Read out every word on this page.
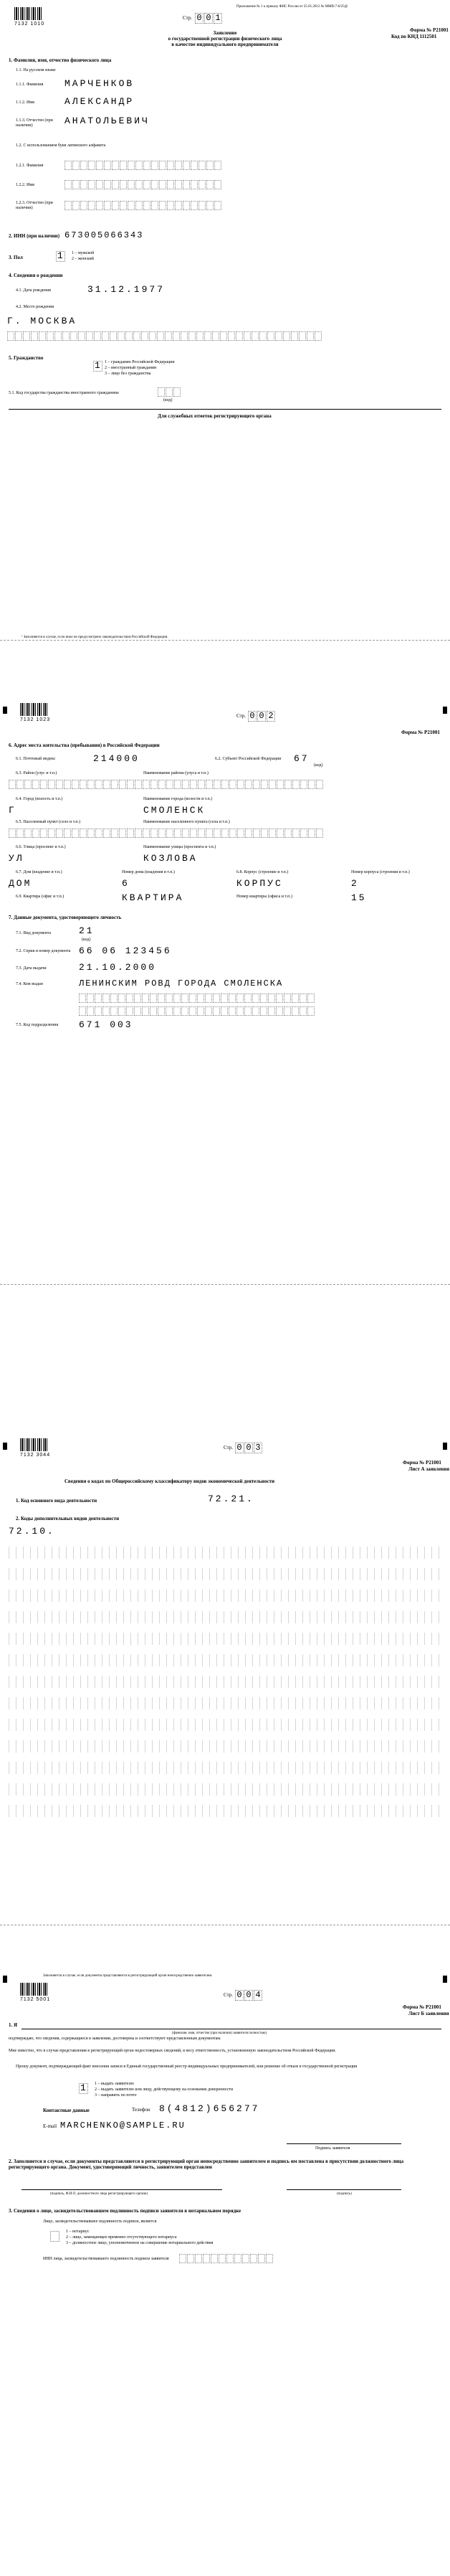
Приложение № 1 к приказу ФНС России от 25.01.2012 № ММВ-7-6/25@
7132 1010
Стр. 0 0 1
Форма № Р21001
Код по КНД 1112501
Заявление
о государственной регистрации физического лица
в качестве индивидуального предпринимателя
1. Фамилия, имя, отчество физического лица
1.1. На русском языке
1.1.1. Фамилия МАРЧЕНКОВ
1.1.2. Имя	АЛЕКСАНДР
1.1.3. Отчество (при наличии)	АНАТОЛЬЕВИЧ
1.2. С использованием букв латинского алфавита
1.2.1. Фамилия
1.2.2. Имя
1.2.3. Отчество (при наличии)
2. ИНН (при наличии) 673005066343
3. Пол	1 1 – мужской
2 – женский
4. Сведения о рождении
4.1. Дата рождения	31.12.1977
4.2. Место рождения
Г. МОСКВА
5. Гражданство
1 1 – гражданин Российской Федерации
2 – иностранный гражданин
3 – лицо без гражданства
5.1. Код государства гражданства иностранного гражданина
(код)
Для служебных отметок регистрирующего органа
¹ Заполняется в случае, если иное не предусмотрено законодательством Российской Федерации.
7132 1023
Стр. 0 0 2
Форма № Р21001
6. Адрес места жительства (пребывания) в Российской Федерации
6.1. Почтовый индекс	214000	6.2. Субъект Российской Федерации 67
(код)
6.3. Район (улус и т.п.)	Наименование района (улуса и т.п.)
6.4. Город (волость и т.п.)	Наименование города (волости и т.п.)
Г	СМОЛЕНСК
6.5. Населенный пункт (село и т.п.)	Наименование населенного пункта (села и т.п.)
6.6. Улица (проспект и т.п.)	Наименование улицы (проспекта и т.п.)
УЛ	КОЗЛОВА
6.7. Дом (владение и т.п.)	Номер дома (владения и т.п.)	6.8. Корпус (строение и т.п.)	Номер корпуса (строения и т.п.)
ДОМ	6	КОРПУС	2
6.9. Квартира (офис и т.п.)	Номер квартиры (офиса и т.п.)
КВАРТИРА	15
7. Данные документа, удостоверяющего личность
7.1. Вид документа	21
(код)
7.2. Серия и номер документа 66 06 123456
7.3. Дата выдачи	21.10.2000
7.4. Кем выдан	ЛЕНИНСКИМ РОВД ГОРОДА СМОЛЕНСКА
7.5. Код подразделения 671 003
7132 3044
Стр. 0 0 3
Форма № Р21001
Лист А заявления
Сведения о кодах по Общероссийскому классификатору видов экономической деятельности
1. Код основного вида деятельности	72.21.
2. Коды дополнительных видов деятельности
72.10.
Заполняется в случае, если документы представляются в регистрирующий орган непосредственно заявителем.
7132 5001
Стр. 0 0 4
Форма № Р21001
Лист Б заявления
1. Я
(фамилия, имя, отчество (при наличии) заявителя полностью)
подтверждаю, что сведения, содержащиеся в заявлении, достоверны и соответствуют представленным документам.
Мне известно, что в случае представления в регистрирующий орган недостоверных сведений, я несу ответственность, установленную законодательством Российской Федерации.
Прошу документ, подтверждающий факт внесения записи в Единый государственный реестр индивидуальных предпринимателей, или решение об отказе в государственной регистрации
1 1 – выдать заявителю
2 – выдать заявителю или лицу, действующему на основании доверенности
3 – направить по почте
Контактные данные	Телефон 8(4812)656277
E-mail MARCHENKO@SAMPLE.RU
Подпись заявителя
2. Заполняется в случае, если документы представляются в регистрирующий орган непосредственно заявителем и подпись им поставлена в присутствии должностного лица регистрирующего органа. Документ, удостоверяющий личность, заявителем представлен
(подпись, Ф.И.О. должностного лица регистрирующего органа)	(подпись)
3. Сведения о лице, засвидетельствовавшем подлинность подписи заявителя в нотариальном порядке
Лицо, засвидетельствовавшее подлинность подписи, является
1 – нотариус
2 – лицо, замещающее временно отсутствующего нотариуса
3 – должностное лицо, уполномоченное на совершение нотариального действия
ИНН лица, засвидетельствовавшего подлинность подписи заявителя
